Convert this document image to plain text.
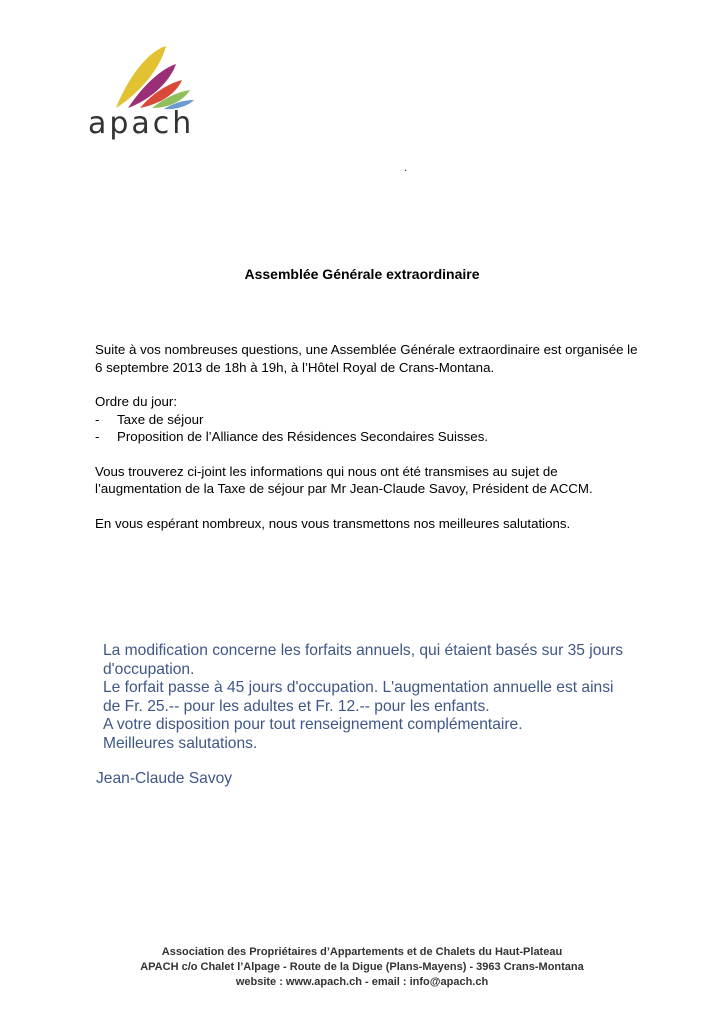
apach
.
Assemblée Générale extraordinaire

Suite à vos nombreuses questions, une Assemblée Générale extraordinaire est organisée le

6 septembre 2013 de 18h à 19h, à l’Hôtel Royal de Crans-Montana.

Ordre du jour:

-	Taxe de séjour
-	Proposition de l’Alliance des Résidences Secondaires Suisses.

Vous trouverez ci-joint les informations qui nous ont été transmises au sujet de

l’augmentation de la Taxe de séjour par Mr Jean-Claude Savoy, Président de ACCM.

En vous espérant nombreux, nous vous transmettons nos meilleures salutations.

La modification concerne les forfaits annuels, qui étaient basés sur 35 jours

d'occupation.

Le forfait passe à 45 jours d'occupation. L'augmentation annuelle est ainsi

de Fr. 25.-- pour les adultes et Fr. 12.-- pour les enfants.

A votre disposition pour tout renseignement complémentaire.

Meilleures salutations.

Jean-Claude Savoy
Association des Propriétaires d’Appartements et de Chalets du Haut-Plateau
APACH c/o Chalet l’Alpage - Route de la Digue (Plans-Mayens) - 3963 Crans-Montana
website : www.apach.ch - email : info@apach.ch
